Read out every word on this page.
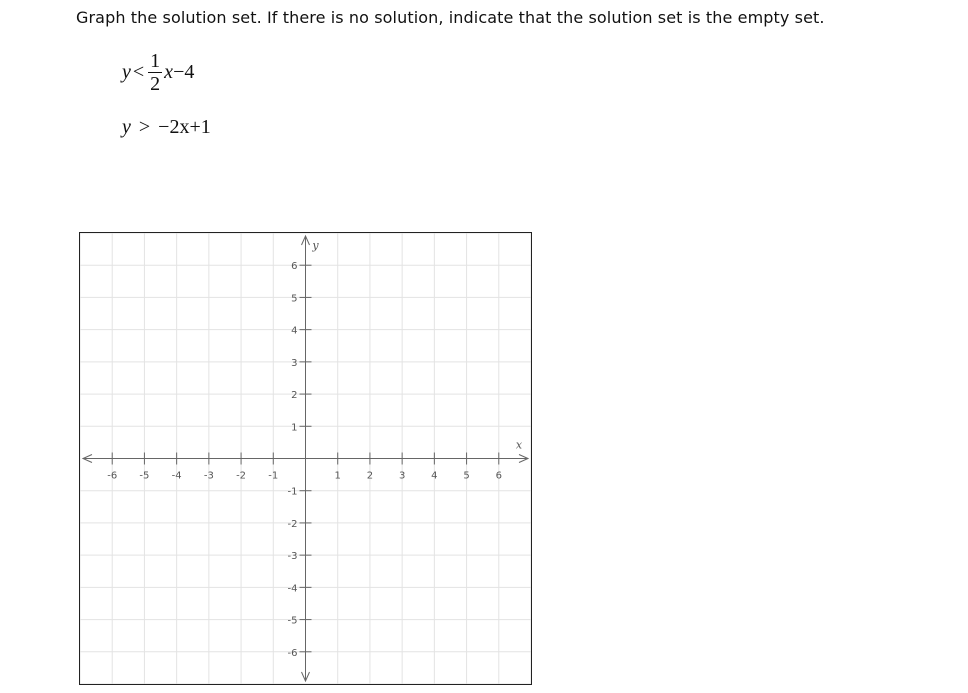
Graph the solution set. If there is no solution, indicate that the solution set is the empty set.
$y < \frac{1}{2}$ x −4
y > −2x+1
-6 -5 -4 -3 -2 -1	1	2	3	4	5	6
6
5
4
3
2
1
-1
-2
-3
-4
-5
-6
x
y
